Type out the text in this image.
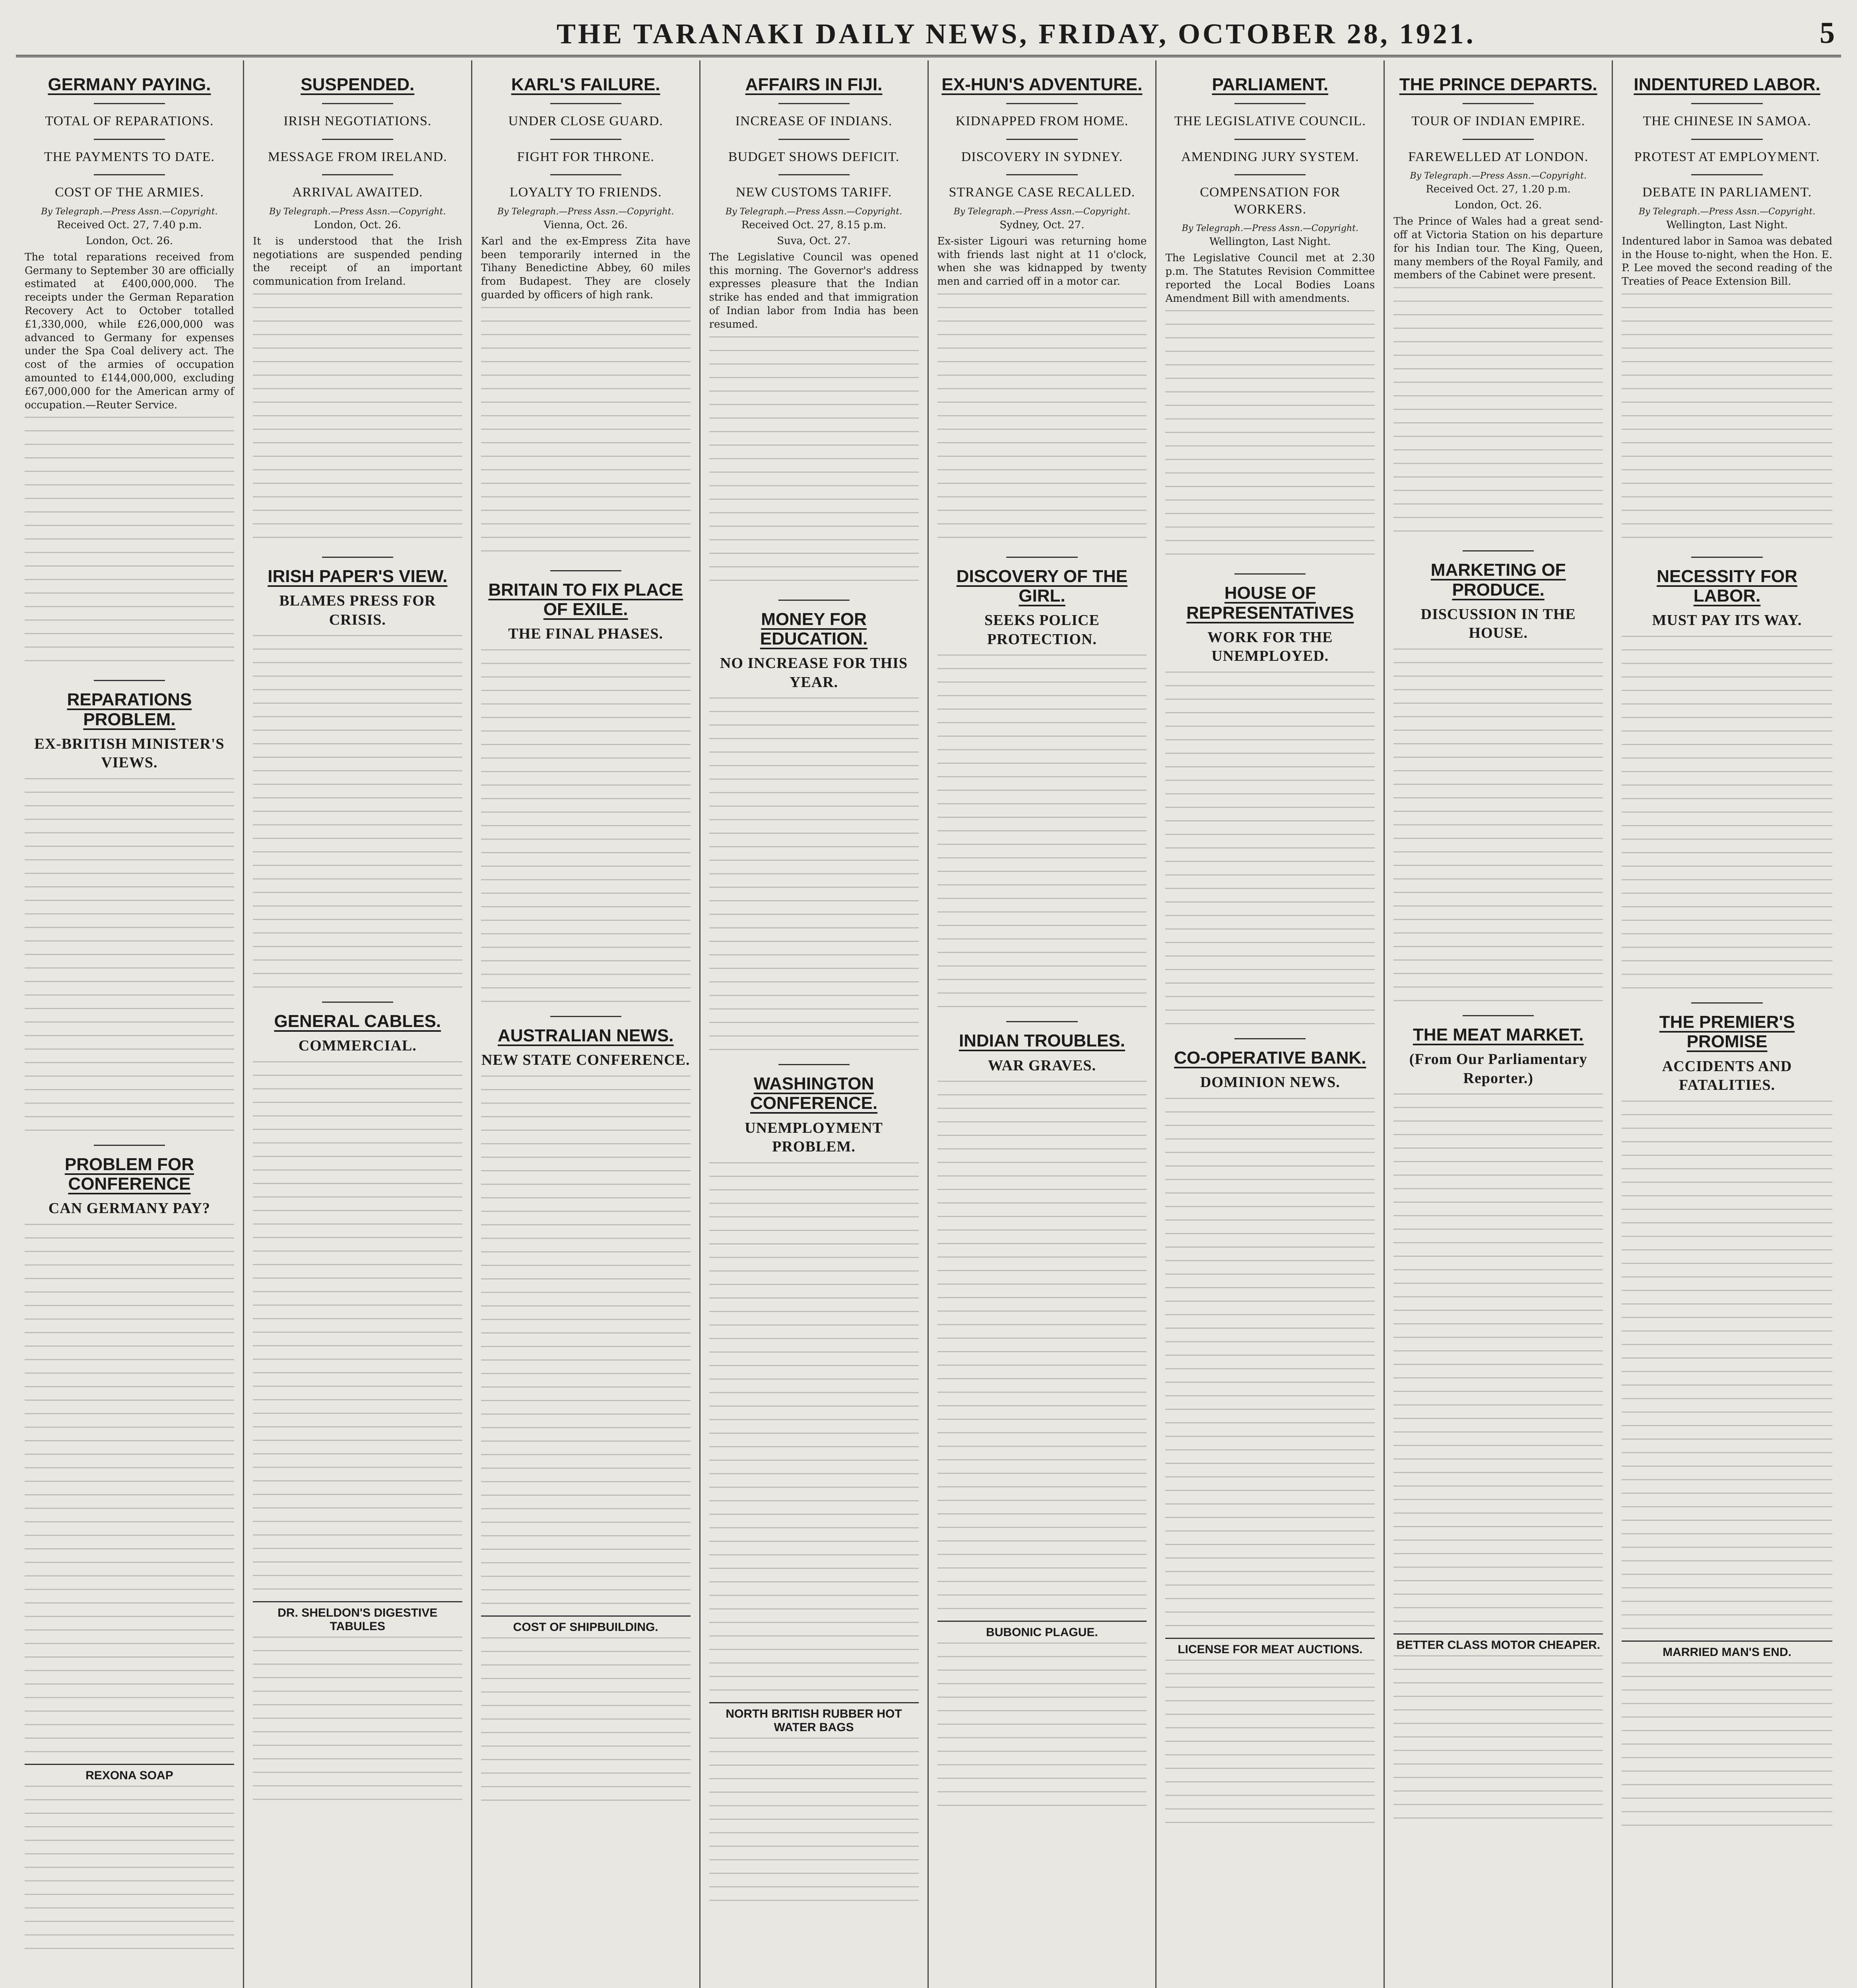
THE TARANAKI DAILY NEWS, FRIDAY, OCTOBER 28, 1921.	5
GERMANY PAYING.
TOTAL OF REPARATIONS.
THE PAYMENTS TO DATE.
COST OF THE ARMIES.
By Telegraph.—Press Assn.—Copyright.
Received Oct. 27, 7.40 p.m.
London, Oct. 26.

The total reparations received from Germany to September 30 are officially estimated at £400,000,000. The receipts under the German Reparation Recovery Act to October totalled £1,330,000, while £26,000,000 was advanced to Germany for expenses under the Spa Coal delivery act. The cost of the armies of occupation amounted to £144,000,000, excluding £67,000,000 for the American army of occupation.—Reuter Service.

REPARATIONS PROBLEM.
EX-BRITISH MINISTER'S VIEWS.
PROBLEM FOR CONFERENCE
CAN GERMANY PAY?
REXONA SOAP
SUSPENDED.
IRISH NEGOTIATIONS.
MESSAGE FROM IRELAND.
ARRIVAL AWAITED.
By Telegraph.—Press Assn.—Copyright.
London, Oct. 26.

It is understood that the Irish negotiations are suspended pending the receipt of an important communication from Ireland.

IRISH PAPER'S VIEW.
BLAMES PRESS FOR CRISIS.
GENERAL CABLES.
COMMERCIAL.
DR. SHELDON'S DIGESTIVE TABULES
KARL'S FAILURE.
UNDER CLOSE GUARD.
FIGHT FOR THRONE.
LOYALTY TO FRIENDS.
By Telegraph.—Press Assn.—Copyright.
Vienna, Oct. 26.

Karl and the ex-Empress Zita have been temporarily interned in the Tihany Benedictine Abbey, 60 miles from Budapest. They are closely guarded by officers of high rank.

BRITAIN TO FIX PLACE OF EXILE.
THE FINAL PHASES.
AUSTRALIAN NEWS.
NEW STATE CONFERENCE.
COST OF SHIPBUILDING.
AFFAIRS IN FIJI.
INCREASE OF INDIANS.
BUDGET SHOWS DEFICIT.
NEW CUSTOMS TARIFF.
By Telegraph.—Press Assn.—Copyright.
Received Oct. 27, 8.15 p.m.
Suva, Oct. 27.

The Legislative Council was opened this morning. The Governor's address expresses pleasure that the Indian strike has ended and that immigration of Indian labor from India has been resumed.

MONEY FOR EDUCATION.
NO INCREASE FOR THIS YEAR.
WASHINGTON CONFERENCE.
UNEMPLOYMENT PROBLEM.
NORTH BRITISH RUBBER HOT WATER BAGS
EX-HUN'S ADVENTURE.
KIDNAPPED FROM HOME.
DISCOVERY IN SYDNEY.
STRANGE CASE RECALLED.
By Telegraph.—Press Assn.—Copyright.
Sydney, Oct. 27.

Ex-sister Ligouri was returning home with friends last night at 11 o'clock, when she was kidnapped by twenty men and carried off in a motor car.

DISCOVERY OF THE GIRL.
SEEKS POLICE PROTECTION.
INDIAN TROUBLES.
WAR GRAVES.
BUBONIC PLAGUE.
PARLIAMENT.
THE LEGISLATIVE COUNCIL.
AMENDING JURY SYSTEM.
COMPENSATION FOR WORKERS.
By Telegraph.—Press Assn.—Copyright.
Wellington, Last Night.

The Legislative Council met at 2.30 p.m. The Statutes Revision Committee reported the Local Bodies Loans Amendment Bill with amendments.

HOUSE OF REPRESENTATIVES
WORK FOR THE UNEMPLOYED.
CO-OPERATIVE BANK.
DOMINION NEWS.
LICENSE FOR MEAT AUCTIONS.
THE PRINCE DEPARTS.
TOUR OF INDIAN EMPIRE.
FAREWELLED AT LONDON.
By Telegraph.—Press Assn.—Copyright.
Received Oct. 27, 1.20 p.m.
London, Oct. 26.

The Prince of Wales had a great send-off at Victoria Station on his departure for his Indian tour. The King, Queen, many members of the Royal Family, and members of the Cabinet were present.

MARKETING OF PRODUCE.
DISCUSSION IN THE HOUSE.
THE MEAT MARKET.
(From Our Parliamentary Reporter.)
BETTER CLASS MOTOR CHEAPER.
INDENTURED LABOR.
THE CHINESE IN SAMOA.
PROTEST AT EMPLOYMENT.
DEBATE IN PARLIAMENT.
By Telegraph.—Press Assn.—Copyright.
Wellington, Last Night.

Indentured labor in Samoa was debated in the House to-night, when the Hon. E. P. Lee moved the second reading of the Treaties of Peace Extension Bill.

NECESSITY FOR LABOR.
MUST PAY ITS WAY.
THE PREMIER'S PROMISE
ACCIDENTS AND FATALITIES.
MARRIED MAN'S END.
